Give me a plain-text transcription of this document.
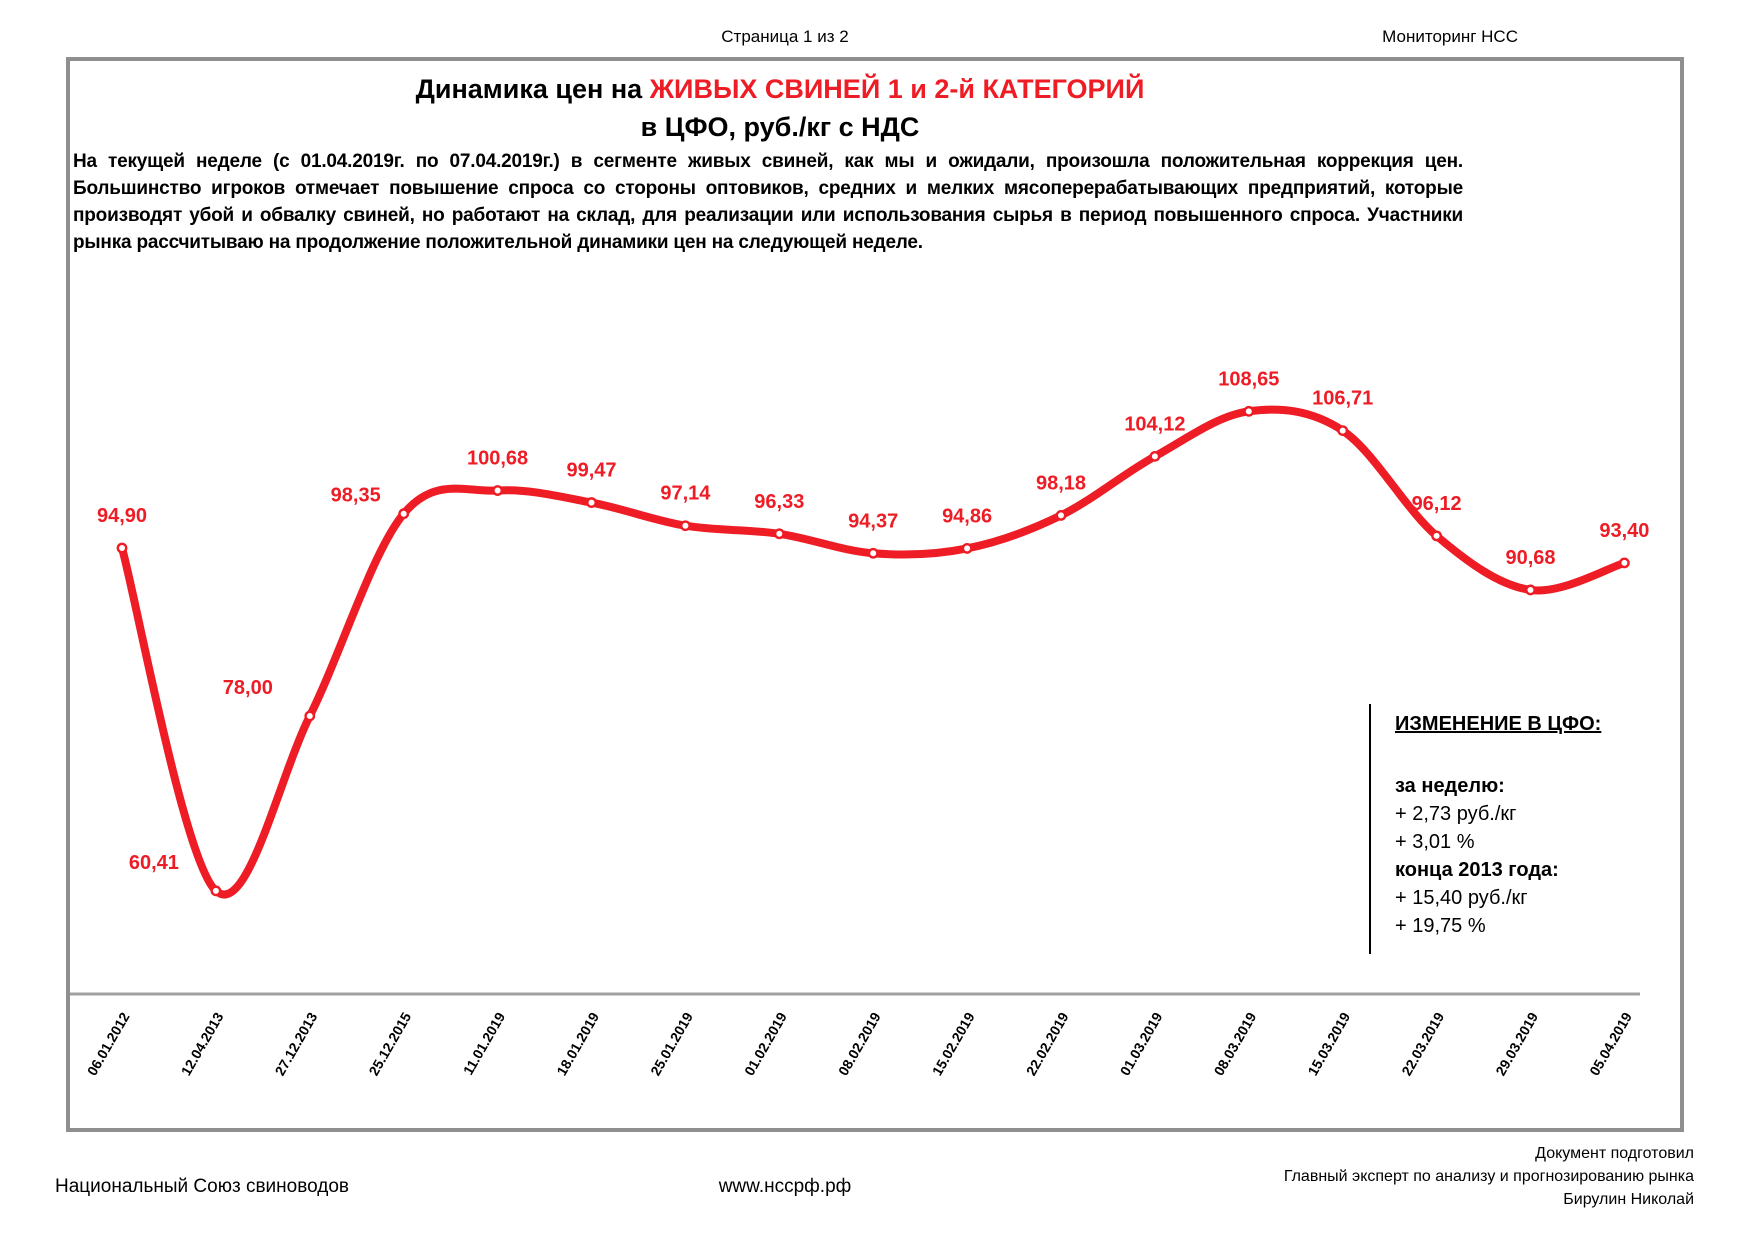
Страница 1 из 2	Мониторинг НСС
Динамика цен на ЖИВЫХ СВИНЕЙ 1 и 2-й КАТЕГОРИЙ
в ЦФО, руб./кг с НДС
На текущей неделе (с 01.04.2019г. по 07.04.2019г.) в сегменте живых свиней, как мы и ожидали, произошла положительная коррекция цен. Большинство игроков отмечает повышение спроса со стороны оптовиков, средних и мелких мясоперерабатывающих предприятий, которые производят убой и обвалку свиней, но работают на склад, для реализации или использования сырья в период повышенного спроса. Участники рынка рассчитываю на продолжение положительной динамики цен на следующей неделе.
94,90
60,41
78,00
98,35
100,68
99,47
97,14 96,33
94,37 94,86
98,18
104,12
108,65
106,71
96,12
90,68
93,40
06.01.2012	12.04.2013	27.12.2013	25.12.2015	11.01.2019	18.01.2019	25.01.2019	01.02.2019	08.02.2019	15.02.2019	22.02.2019	01.03.2019	08.03.2019	15.03.2019	22.03.2019	29.03.2019	05.04.2019
ИЗМЕНЕНИЕ В ЦФО:
за неделю:
+ 2,73 руб./кг
+ 3,01 %
конца 2013 года:
+ 15,40 руб./кг
+ 19,75 %
Национальный Союз свиноводов	www.нссрф.рф
Документ подготовил
Главный эксперт по анализу и прогнозированию рынка
Бирулин Николай
